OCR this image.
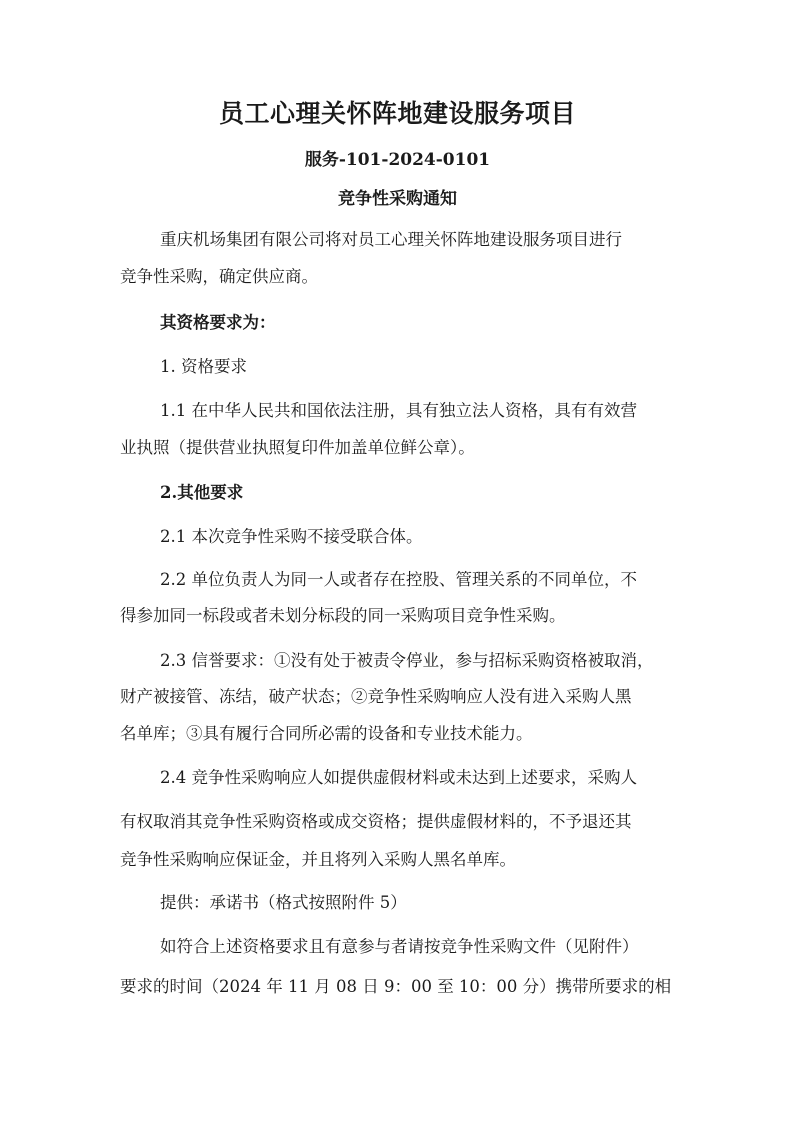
员工心理关怀阵地建设服务项目
服务-101-2024-0101
竞争性采购通知
重庆机场集团有限公司将对员工心理关怀阵地建设服务项目进行
竞争性采购，确定供应商。
其资格要求为：
1. 资格要求
1.1 在中华人民共和国依法注册，具有独立法人资格，具有有效营
业执照（提供营业执照复印件加盖单位鲜公章）。
2.其他要求
2.1 本次竞争性采购不接受联合体。
2.2 单位负责人为同一人或者存在控股、管理关系的不同单位，不
得参加同一标段或者未划分标段的同一采购项目竞争性采购。
2.3 信誉要求：①没有处于被责令停业，参与招标采购资格被取消，
财产被接管、冻结，破产状态；②竞争性采购响应人没有进入采购人黑
名单库；③具有履行合同所必需的设备和专业技术能力。
2.4 竞争性采购响应人如提供虚假材料或未达到上述要求，采购人
有权取消其竞争性采购资格或成交资格；提供虚假材料的，不予退还其
竞争性采购响应保证金，并且将列入采购人黑名单库。
提供：承诺书（格式按照附件 5）
如符合上述资格要求且有意参与者请按竞争性采购文件（见附件）
要求的时间（2024 年 11 月 08 日 9：00 至 10：00 分）携带所要求的相
